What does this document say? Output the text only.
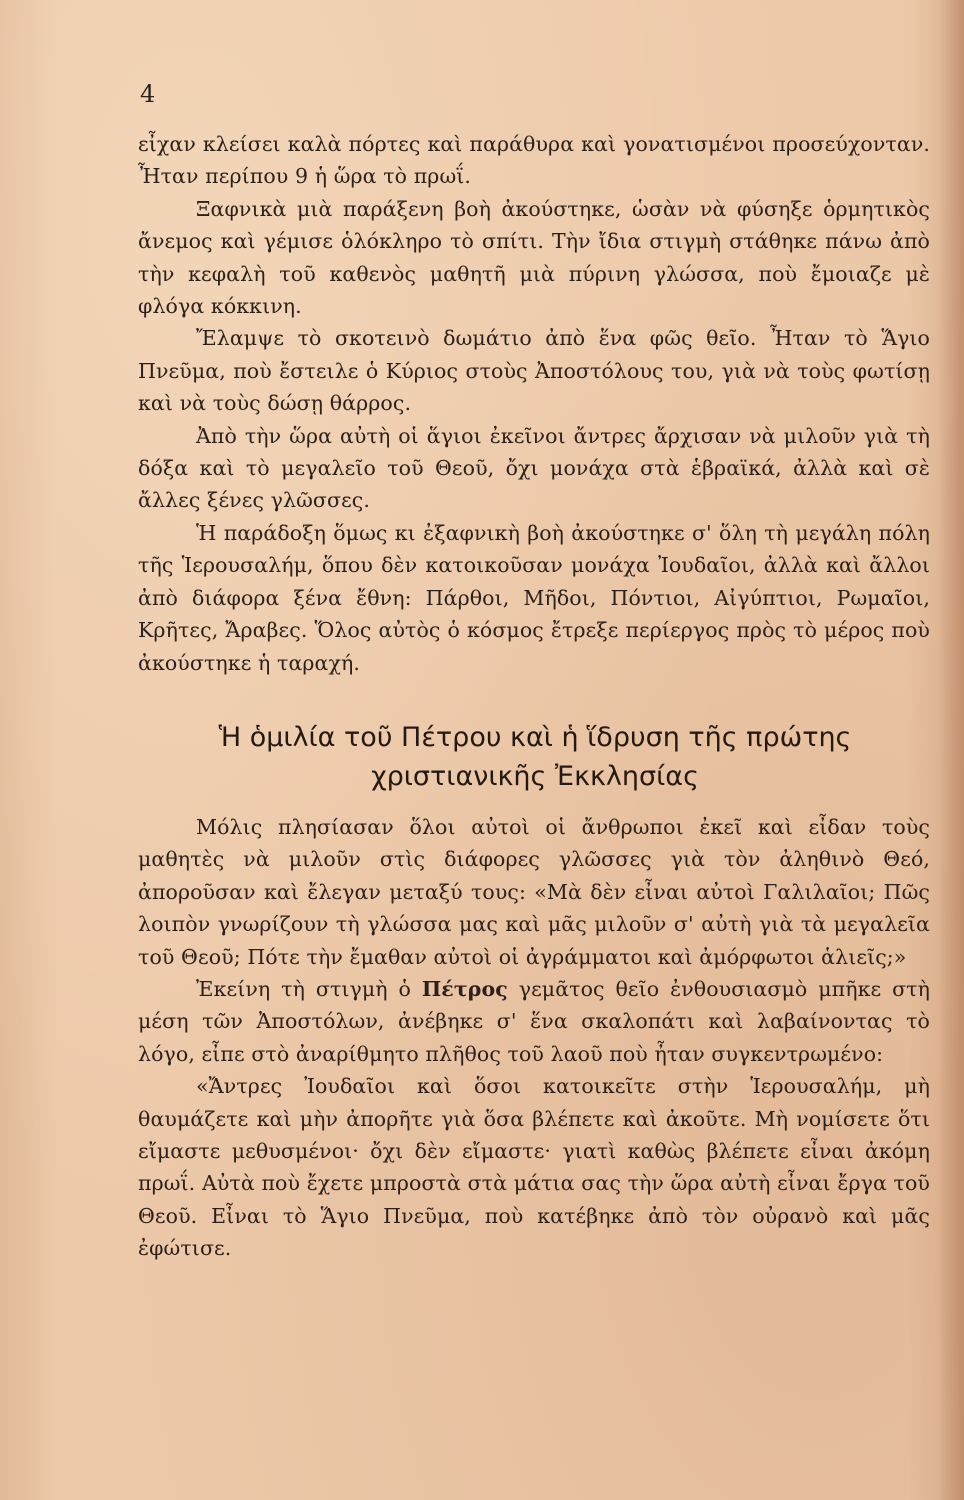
4

εἶχαν κλείσει καλὰ πόρτες καὶ παράθυρα καὶ γονατισμένοι προσεύχονταν. Ἦταν περίπου 9 ἡ ὥρα τὸ πρωΐ.

Ξαφνικὰ μιὰ παράξενη βοὴ ἀκούστηκε, ὡσὰν νὰ φύσηξε ὁρμητικὸς ἄνεμος καὶ γέμισε ὁλόκληρο τὸ σπίτι. Τὴν ἴδια στιγμὴ στάθηκε πάνω ἀπὸ τὴν κεφαλὴ τοῦ καθενὸς μαθητῆ μιὰ πύρινη γλώσσα, ποὺ ἔμοιαζε μὲ φλόγα κόκκινη.

Ἔλαμψε τὸ σκοτεινὸ δωμάτιο ἀπὸ ἕνα φῶς θεῖο. Ἦταν τὸ Ἅγιο Πνεῦμα, ποὺ ἔστειλε ὁ Κύριος στοὺς Ἀποστόλους του, γιὰ νὰ τοὺς φωτίσῃ καὶ νὰ τοὺς δώσῃ θάρρος.

Ἀπὸ τὴν ὥρα αὐτὴ οἱ ἅγιοι ἐκεῖνοι ἄντρες ἄρχισαν νὰ μιλοῦν γιὰ τὴ δόξα καὶ τὸ μεγαλεῖο τοῦ Θεοῦ, ὄχι μονάχα στὰ ἑβραϊκά, ἀλλὰ καὶ σὲ ἄλλες ξένες γλῶσσες.

Ἡ παράδοξη ὅμως κι ἐξαφνικὴ βοὴ ἀκούστηκε σ' ὅλη τὴ μεγάλη πόλη τῆς Ἱερουσαλήμ, ὅπου δὲν κατοικοῦσαν μονάχα Ἰουδαῖοι, ἀλλὰ καὶ ἄλλοι ἀπὸ διάφορα ξένα ἔθνη: Πάρθοι, Μῆδοι, Πόντιοι, Αἰγύπτιοι, Ρωμαῖοι, Κρῆτες, Ἄραβες. Ὅλος αὐτὸς ὁ κόσμος ἔτρεξε περίεργος πρὸς τὸ μέρος ποὺ ἀκούστηκε ἡ ταραχή.

Ἡ ὁμιλία τοῦ Πέτρου καὶ ἡ ἵδρυση τῆς πρώτης
χριστιανικῆς Ἐκκλησίας

Μόλις πλησίασαν ὅλοι αὐτοὶ οἱ ἄνθρωποι ἐκεῖ καὶ εἶδαν τοὺς μαθητὲς νὰ μιλοῦν στὶς διάφορες γλῶσσες γιὰ τὸν ἀληθινὸ Θεό, ἀποροῦσαν καὶ ἔλεγαν μεταξύ τους: «Μὰ δὲν εἶναι αὐτοὶ Γαλιλαῖοι; Πῶς λοιπὸν γνωρίζουν τὴ γλώσσα μας καὶ μᾶς μιλοῦν σ' αὐτὴ γιὰ τὰ μεγαλεῖα τοῦ Θεοῦ; Πότε τὴν ἔμαθαν αὐτοὶ οἱ ἀγράμματοι καὶ ἀμόρφωτοι ἁλιεῖς;»

Ἐκείνη τὴ στιγμὴ ὁ Πέτρος γεμᾶτος θεῖο ἐνθουσιασμὸ μπῆκε στὴ μέση τῶν Ἀποστόλων, ἀνέβηκε σ' ἕνα σκαλοπάτι καὶ λαβαίνοντας τὸ λόγο, εἶπε στὸ ἀναρίθμητο πλῆθος τοῦ λαοῦ ποὺ ἦταν συγκεντρωμένο:

«Ἄντρες Ἰουδαῖοι καὶ ὅσοι κατοικεῖτε στὴν Ἱερουσαλήμ, μὴ θαυμάζετε καὶ μὴν ἀπορῆτε γιὰ ὅσα βλέπετε καὶ ἀκοῦτε. Μὴ νομίσετε ὅτι εἴμαστε μεθυσμένοι· ὄχι δὲν εἴμαστε· γιατὶ καθὼς βλέπετε εἶναι ἀκόμη πρωΐ. Αὐτὰ ποὺ ἔχετε μπροστὰ στὰ μάτια σας τὴν ὥρα αὐτὴ εἶναι ἔργα τοῦ Θεοῦ. Εἶναι τὸ Ἅγιο Πνεῦμα, ποὺ κατέβηκε ἀπὸ τὸν οὐρανὸ καὶ μᾶς ἐφώτισε.
